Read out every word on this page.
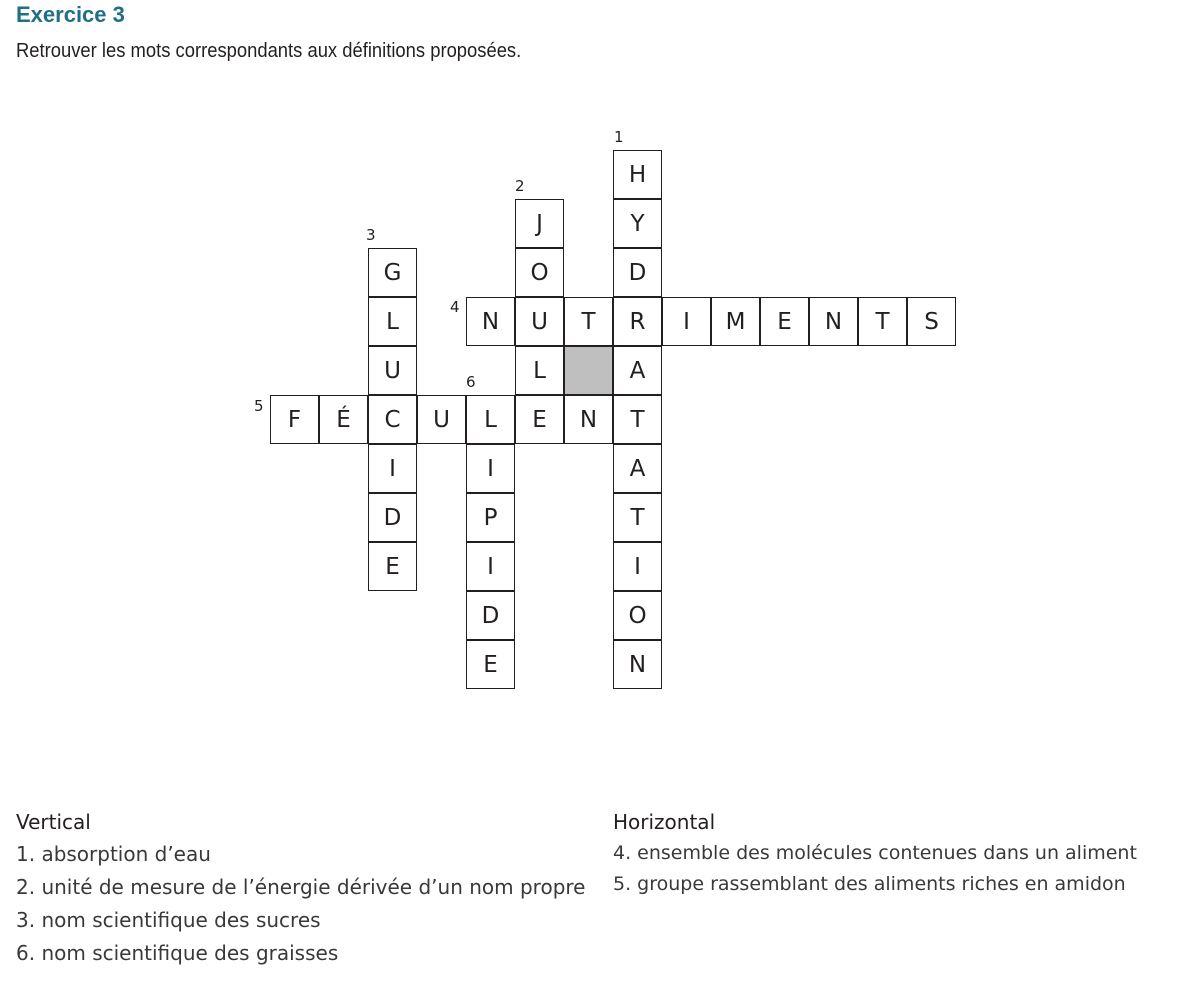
Exercice 3
Retrouver les mots correspondants aux définitions proposées.
1
2
3
4
5
6
H
Y
D
R
A
T
A
T
I
O
N
J
O
U
L
E
G
L
U
C
I
D
E
N	T	I	M	E	N	T	S
F	É	U	L	N
I
P
I
D
E
Vertical
1. absorption d’eau
2. unité de mesure de l’énergie dérivée d’un nom propre
3. nom scientifique des sucres
6. nom scientifique des graisses
Horizontal
4. ensemble des molécules contenues dans un aliment
5. groupe rassemblant des aliments riches en amidon
